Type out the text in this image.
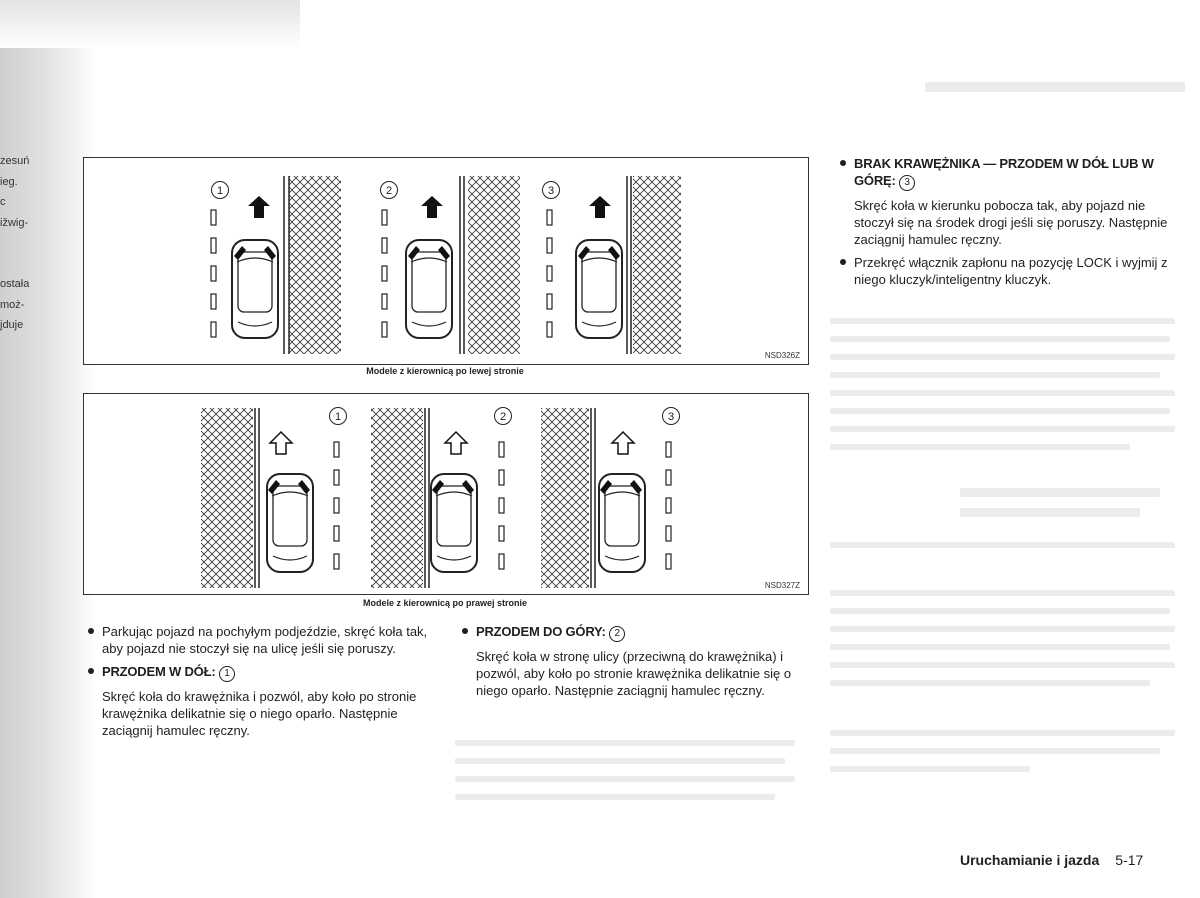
zesuń
ieg.
c
ižwig-
ostała
moż-
jduje
1	2	3
NSD326Z
Modele z kierownicą po lewej stronie
1	2	3
NSD327Z
Modele z kierownicą po prawej stronie

Parkując pojazd na pochyłym podjeździe, skręć koła tak, aby pojazd nie stoczył się na ulicę jeśli się poruszy.

PRZODEM W DÓŁ: 1

Skręć koła do krawężnika i pozwól, aby koło po stronie krawężnika delikatnie się o niego oparło. Następnie zaciągnij hamulec ręczny.

PRZODEM DO GÓRY: 2

Skręć koła w stronę ulicy (przeciwną do krawężnika) i pozwól, aby koło po stronie krawężnika delikatnie się o niego oparło. Następnie zaciągnij hamulec ręczny.

BRAK KRAWĘŻNIKA — PRZODEM W DÓŁ LUB W GÓRĘ: 3

Skręć koła w kierunku pobocza tak, aby pojazd nie stoczył się na środek drogi jeśli się poruszy. Następnie zaciągnij hamulec ręczny.

Przekręć włącznik zapłonu na pozycję LOCK i wyjmij z niego kluczyk/inteligentny kluczyk.

Uruchamianie i jazda 5-17
